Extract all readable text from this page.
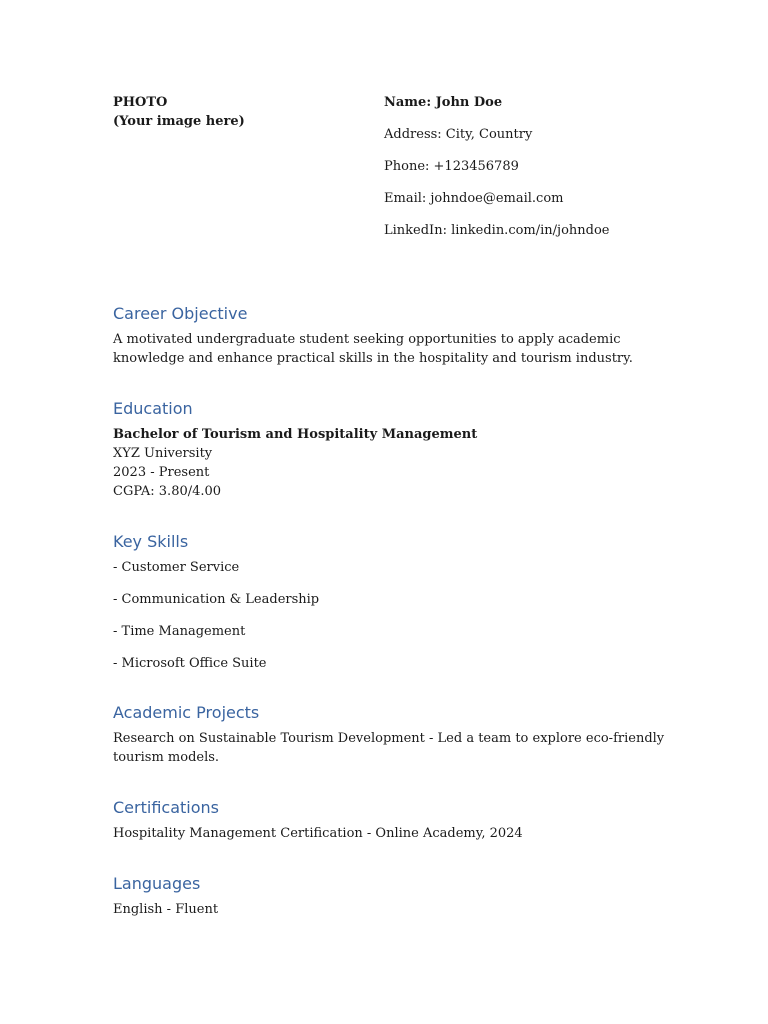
PHOTO
(Your image here)
Name: John Doe
Address: City, Country
Phone: +123456789
Email: johndoe@email.com
LinkedIn: linkedin.com/in/johndoe
Career Objective

A motivated undergraduate student seeking opportunities to apply academic knowledge and enhance practical skills in the hospitality and tourism industry.

Education

Bachelor of Tourism and Hospitality Management

XYZ University

2023 - Present

CGPA: 3.80/4.00

Key Skills
- Customer Service
- Communication & Leadership
- Time Management
- Microsoft Office Suite
Academic Projects

Research on Sustainable Tourism Development - Led a team to explore eco-friendly tourism models.

Certifications

Hospitality Management Certification - Online Academy, 2024

Languages

English - Fluent
